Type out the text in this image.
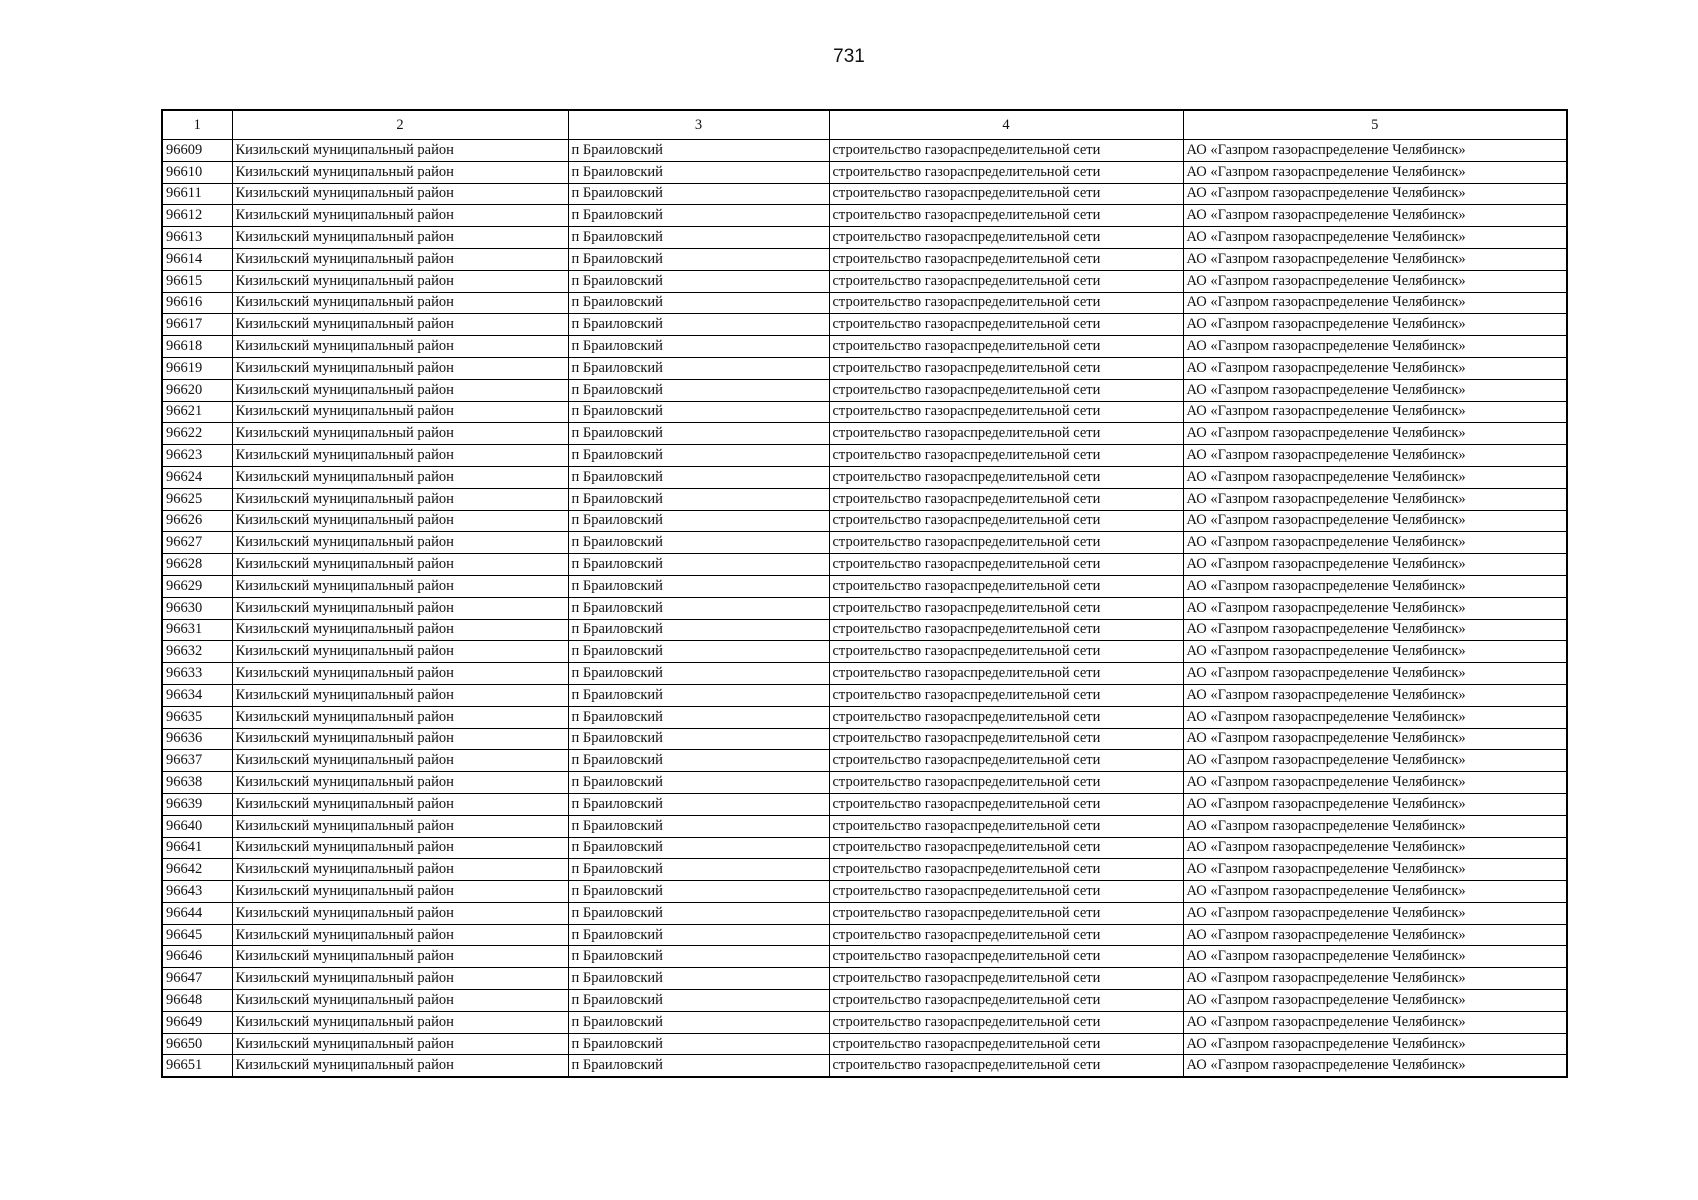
731
1	2	3	4	5
96609	Кизильский муниципальный район	п Браиловский	строительство газораспределительной сети	АО «Газпром газораспределение Челябинск»
96610	Кизильский муниципальный район	п Браиловский	строительство газораспределительной сети	АО «Газпром газораспределение Челябинск»
96611	Кизильский муниципальный район	п Браиловский	строительство газораспределительной сети	АО «Газпром газораспределение Челябинск»
96612	Кизильский муниципальный район	п Браиловский	строительство газораспределительной сети	АО «Газпром газораспределение Челябинск»
96613	Кизильский муниципальный район	п Браиловский	строительство газораспределительной сети	АО «Газпром газораспределение Челябинск»
96614	Кизильский муниципальный район	п Браиловский	строительство газораспределительной сети	АО «Газпром газораспределение Челябинск»
96615	Кизильский муниципальный район	п Браиловский	строительство газораспределительной сети	АО «Газпром газораспределение Челябинск»
96616	Кизильский муниципальный район	п Браиловский	строительство газораспределительной сети	АО «Газпром газораспределение Челябинск»
96617	Кизильский муниципальный район	п Браиловский	строительство газораспределительной сети	АО «Газпром газораспределение Челябинск»
96618	Кизильский муниципальный район	п Браиловский	строительство газораспределительной сети	АО «Газпром газораспределение Челябинск»
96619	Кизильский муниципальный район	п Браиловский	строительство газораспределительной сети	АО «Газпром газораспределение Челябинск»
96620	Кизильский муниципальный район	п Браиловский	строительство газораспределительной сети	АО «Газпром газораспределение Челябинск»
96621	Кизильский муниципальный район	п Браиловский	строительство газораспределительной сети	АО «Газпром газораспределение Челябинск»
96622	Кизильский муниципальный район	п Браиловский	строительство газораспределительной сети	АО «Газпром газораспределение Челябинск»
96623	Кизильский муниципальный район	п Браиловский	строительство газораспределительной сети	АО «Газпром газораспределение Челябинск»
96624	Кизильский муниципальный район	п Браиловский	строительство газораспределительной сети	АО «Газпром газораспределение Челябинск»
96625	Кизильский муниципальный район	п Браиловский	строительство газораспределительной сети	АО «Газпром газораспределение Челябинск»
96626	Кизильский муниципальный район	п Браиловский	строительство газораспределительной сети	АО «Газпром газораспределение Челябинск»
96627	Кизильский муниципальный район	п Браиловский	строительство газораспределительной сети	АО «Газпром газораспределение Челябинск»
96628	Кизильский муниципальный район	п Браиловский	строительство газораспределительной сети	АО «Газпром газораспределение Челябинск»
96629	Кизильский муниципальный район	п Браиловский	строительство газораспределительной сети	АО «Газпром газораспределение Челябинск»
96630	Кизильский муниципальный район	п Браиловский	строительство газораспределительной сети	АО «Газпром газораспределение Челябинск»
96631	Кизильский муниципальный район	п Браиловский	строительство газораспределительной сети	АО «Газпром газораспределение Челябинск»
96632	Кизильский муниципальный район	п Браиловский	строительство газораспределительной сети	АО «Газпром газораспределение Челябинск»
96633	Кизильский муниципальный район	п Браиловский	строительство газораспределительной сети	АО «Газпром газораспределение Челябинск»
96634	Кизильский муниципальный район	п Браиловский	строительство газораспределительной сети	АО «Газпром газораспределение Челябинск»
96635	Кизильский муниципальный район	п Браиловский	строительство газораспределительной сети	АО «Газпром газораспределение Челябинск»
96636	Кизильский муниципальный район	п Браиловский	строительство газораспределительной сети	АО «Газпром газораспределение Челябинск»
96637	Кизильский муниципальный район	п Браиловский	строительство газораспределительной сети	АО «Газпром газораспределение Челябинск»
96638	Кизильский муниципальный район	п Браиловский	строительство газораспределительной сети	АО «Газпром газораспределение Челябинск»
96639	Кизильский муниципальный район	п Браиловский	строительство газораспределительной сети	АО «Газпром газораспределение Челябинск»
96640	Кизильский муниципальный район	п Браиловский	строительство газораспределительной сети	АО «Газпром газораспределение Челябинск»
96641	Кизильский муниципальный район	п Браиловский	строительство газораспределительной сети	АО «Газпром газораспределение Челябинск»
96642	Кизильский муниципальный район	п Браиловский	строительство газораспределительной сети	АО «Газпром газораспределение Челябинск»
96643	Кизильский муниципальный район	п Браиловский	строительство газораспределительной сети	АО «Газпром газораспределение Челябинск»
96644	Кизильский муниципальный район	п Браиловский	строительство газораспределительной сети	АО «Газпром газораспределение Челябинск»
96645	Кизильский муниципальный район	п Браиловский	строительство газораспределительной сети	АО «Газпром газораспределение Челябинск»
96646	Кизильский муниципальный район	п Браиловский	строительство газораспределительной сети	АО «Газпром газораспределение Челябинск»
96647	Кизильский муниципальный район	п Браиловский	строительство газораспределительной сети	АО «Газпром газораспределение Челябинск»
96648	Кизильский муниципальный район	п Браиловский	строительство газораспределительной сети	АО «Газпром газораспределение Челябинск»
96649	Кизильский муниципальный район	п Браиловский	строительство газораспределительной сети	АО «Газпром газораспределение Челябинск»
96650	Кизильский муниципальный район	п Браиловский	строительство газораспределительной сети	АО «Газпром газораспределение Челябинск»
96651	Кизильский муниципальный район	п Браиловский	строительство газораспределительной сети	АО «Газпром газораспределение Челябинск»
